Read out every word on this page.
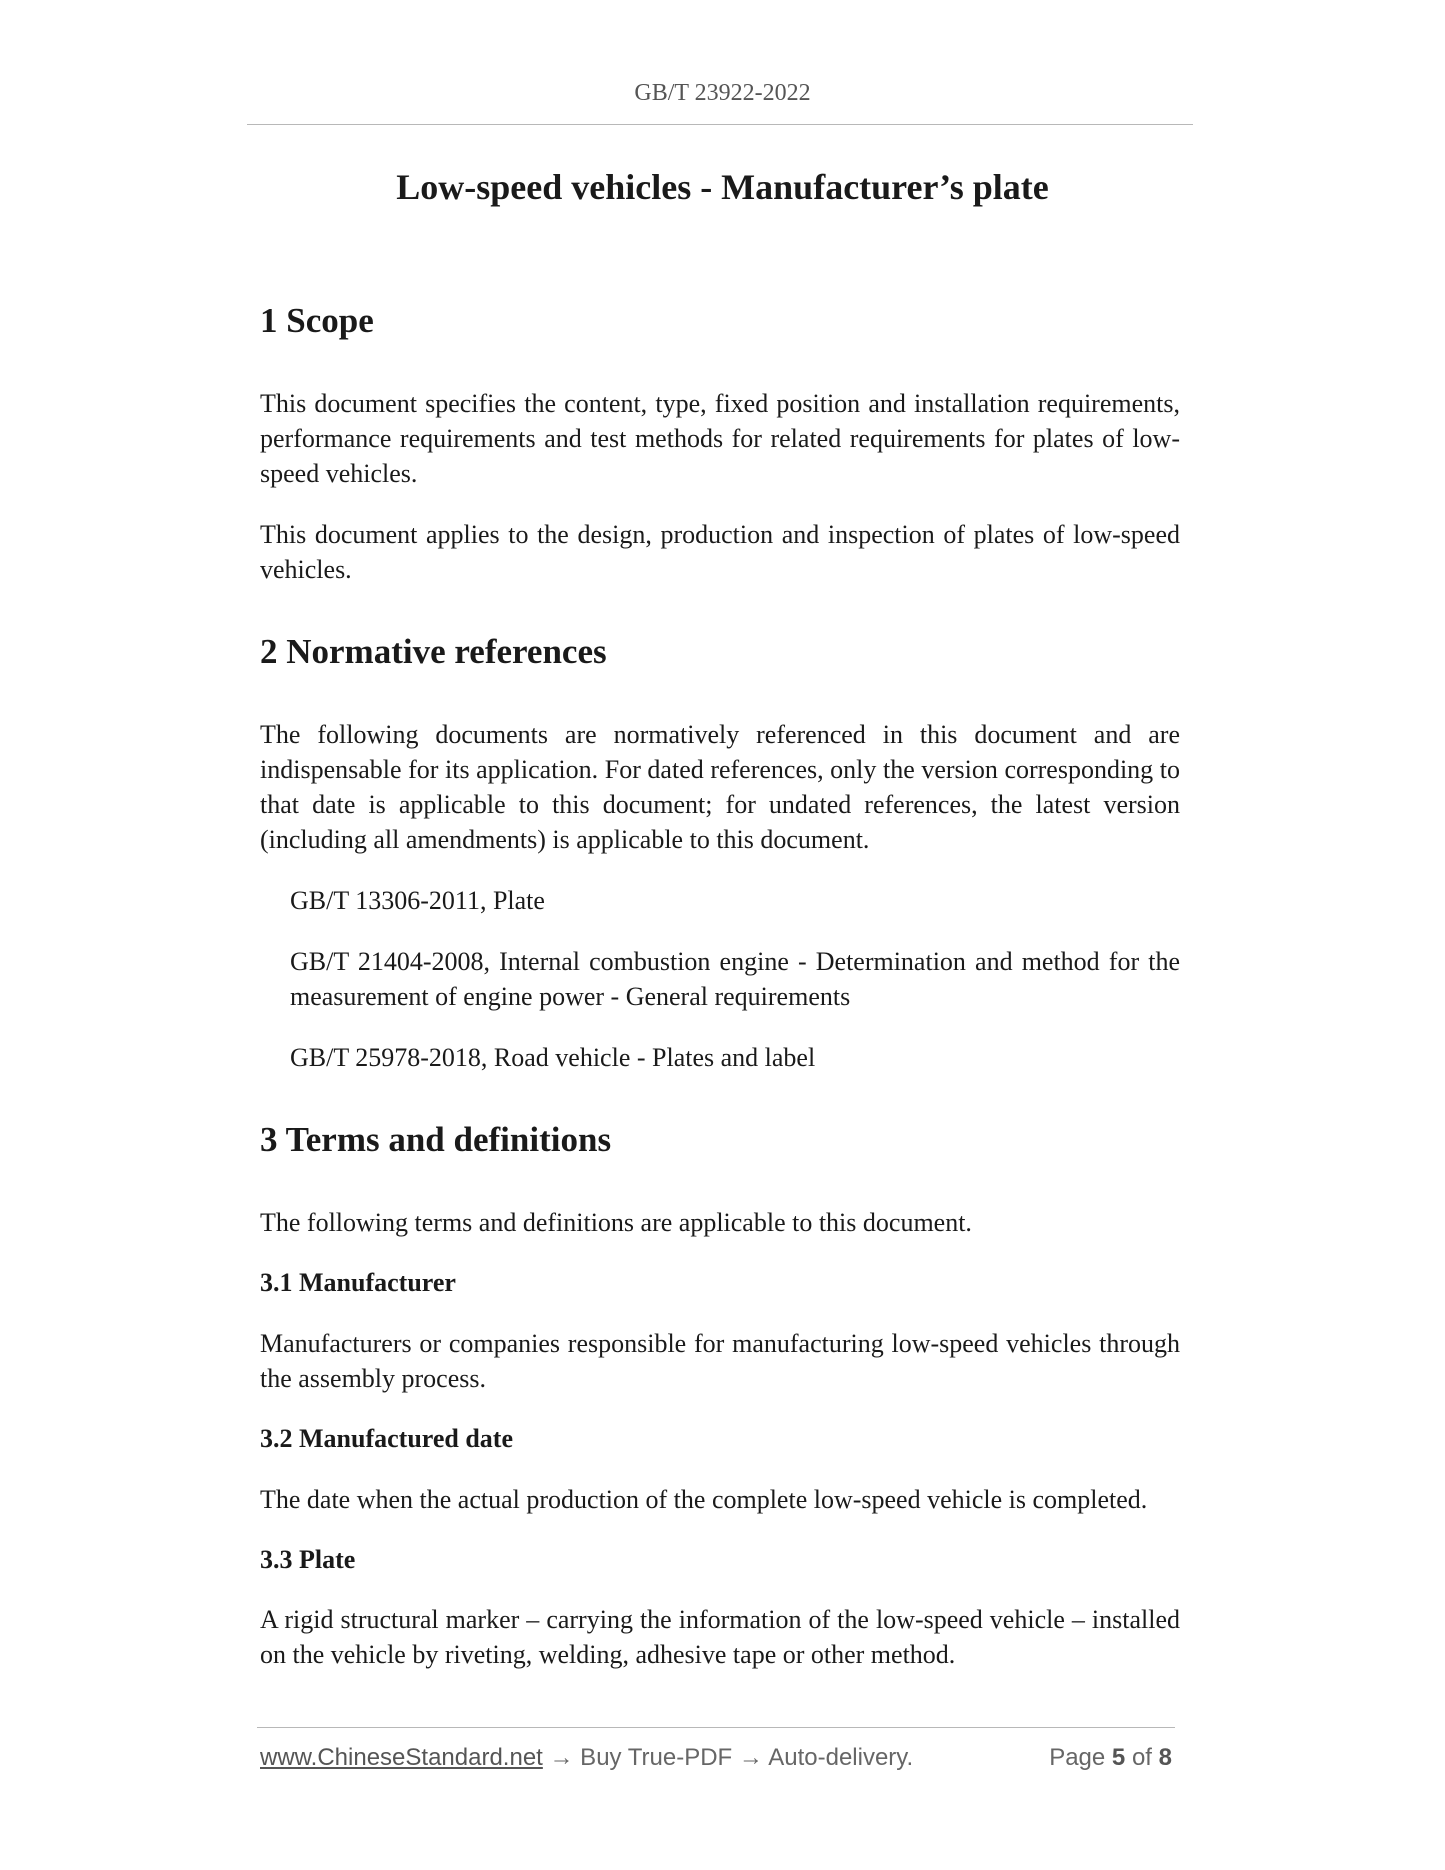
GB/T 23922-2022
Low-speed vehicles - Manufacturer’s plate
1 Scope

This document specifies the content, type, fixed position and installation requirements, performance requirements and test methods for related requirements for plates of low-speed vehicles.

This document applies to the design, production and inspection of plates of low-speed vehicles.

2 Normative references

The following documents are normatively referenced in this document and are indispensable for its application. For dated references, only the version corresponding to that date is applicable to this document; for undated references, the latest version (including all amendments) is applicable to this document.

GB/T 13306-2011, Plate

GB/T 21404-2008, Internal combustion engine - Determination and method for the measurement of engine power - General requirements

GB/T 25978-2018, Road vehicle - Plates and label

3 Terms and definitions

The following terms and definitions are applicable to this document.

3.1 Manufacturer

Manufacturers or companies responsible for manufacturing low-speed vehicles through the assembly process.

3.2 Manufactured date

The date when the actual production of the complete low-speed vehicle is completed.

3.3 Plate

A rigid structural marker – carrying the information of the low-speed vehicle – installed on the vehicle by riveting, welding, adhesive tape or other method.

www.ChineseStandard.net → Buy True-PDF → Auto-delivery.	Page 5 of 8
